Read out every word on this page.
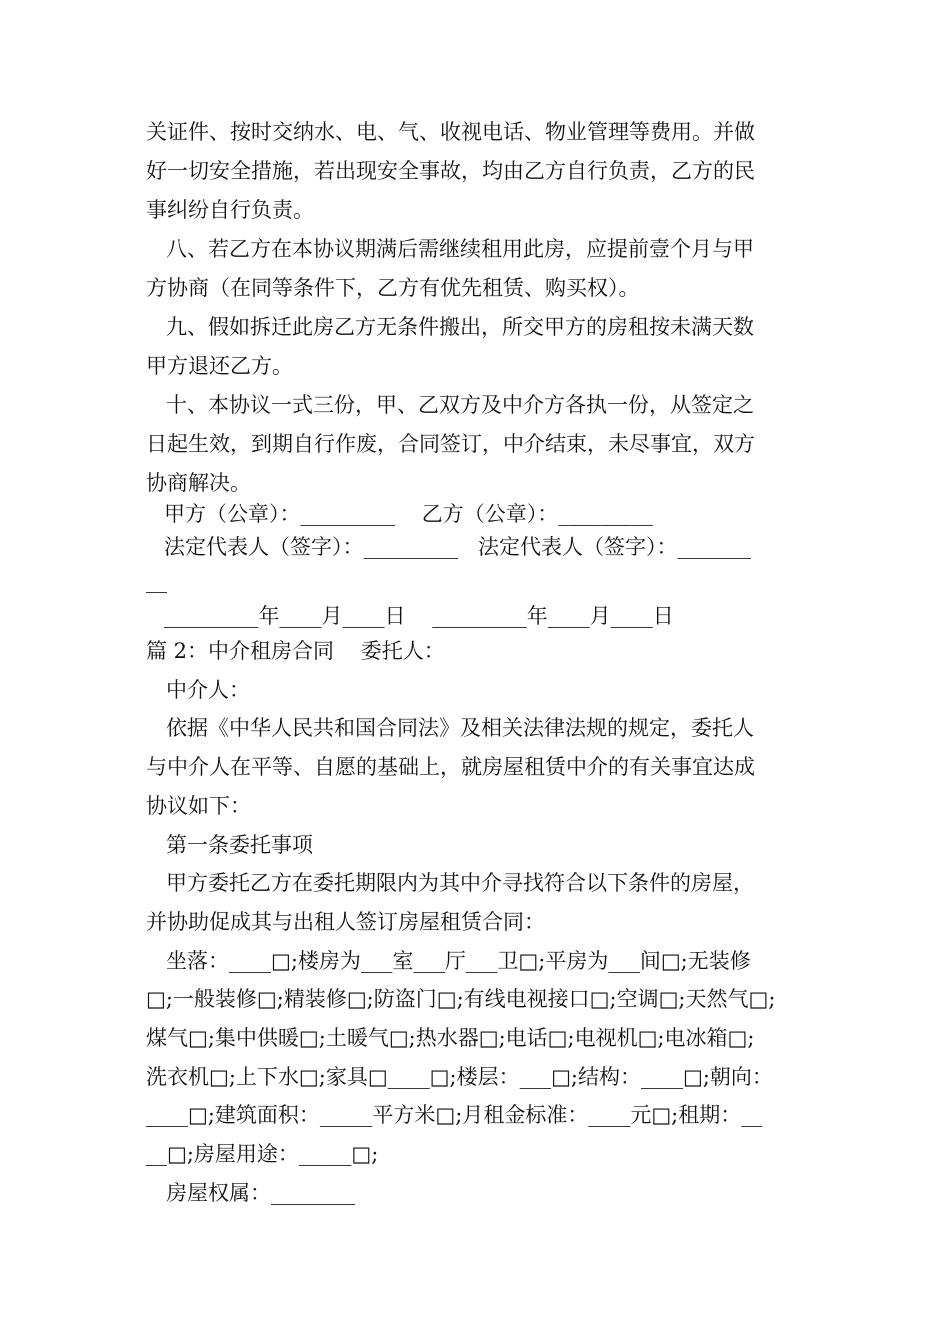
关证件、按时交纳水、电、气、收视电话、物业管理等费用。并做
好一切安全措施，若出现安全事故，均由乙方自行负责，乙方的民
事纠纷自行负责。
八、若乙方在本协议期满后需继续租用此房，应提前壹个月与甲
方协商（在同等条件下，乙方有优先租赁、购买权）。
九、假如拆迁此房乙方无条件搬出，所交甲方的房租按未满天数
甲方退还乙方。
十、本协议一式三份，甲、乙双方及中介方各执一份，从签定之
日起生效，到期自行作废，合同签订，中介结束，未尽事宜，双方
协商解决。
甲方（公章）：_________    乙方（公章）：_________
法定代表人（签字）：_________   法定代表人（签字）：_______
__
_________年____月____日    _________年____月____日
篇 2：中介租房合同    委托人：
中介人：
依据《中华人民共和国合同法》及相关法律法规的规定，委托人
与中介人在平等、自愿的基础上，就房屋租赁中介的有关事宜达成
协议如下：
第一条委托事项
甲方委托乙方在委托期限内为其中介寻找符合以下条件的房屋，
并协助促成其与出租人签订房屋租赁合同：
坐落：____□;楼房为___室___厅___卫□;平房为___间□;无装修
□;一般装修□;精装修□;防盗门□;有线电视接口□;空调□;天然气□;
煤气□;集中供暖□;土暖气□;热水器□;电话□;电视机□;电冰箱□;
洗衣机□;上下水□;家具□____□;楼层：___□;结构：____□;朝向：
____□;建筑面积：_____平方米□;月租金标准：____元□;租期：__
__□;房屋用途：_____□;
房屋权属：________
